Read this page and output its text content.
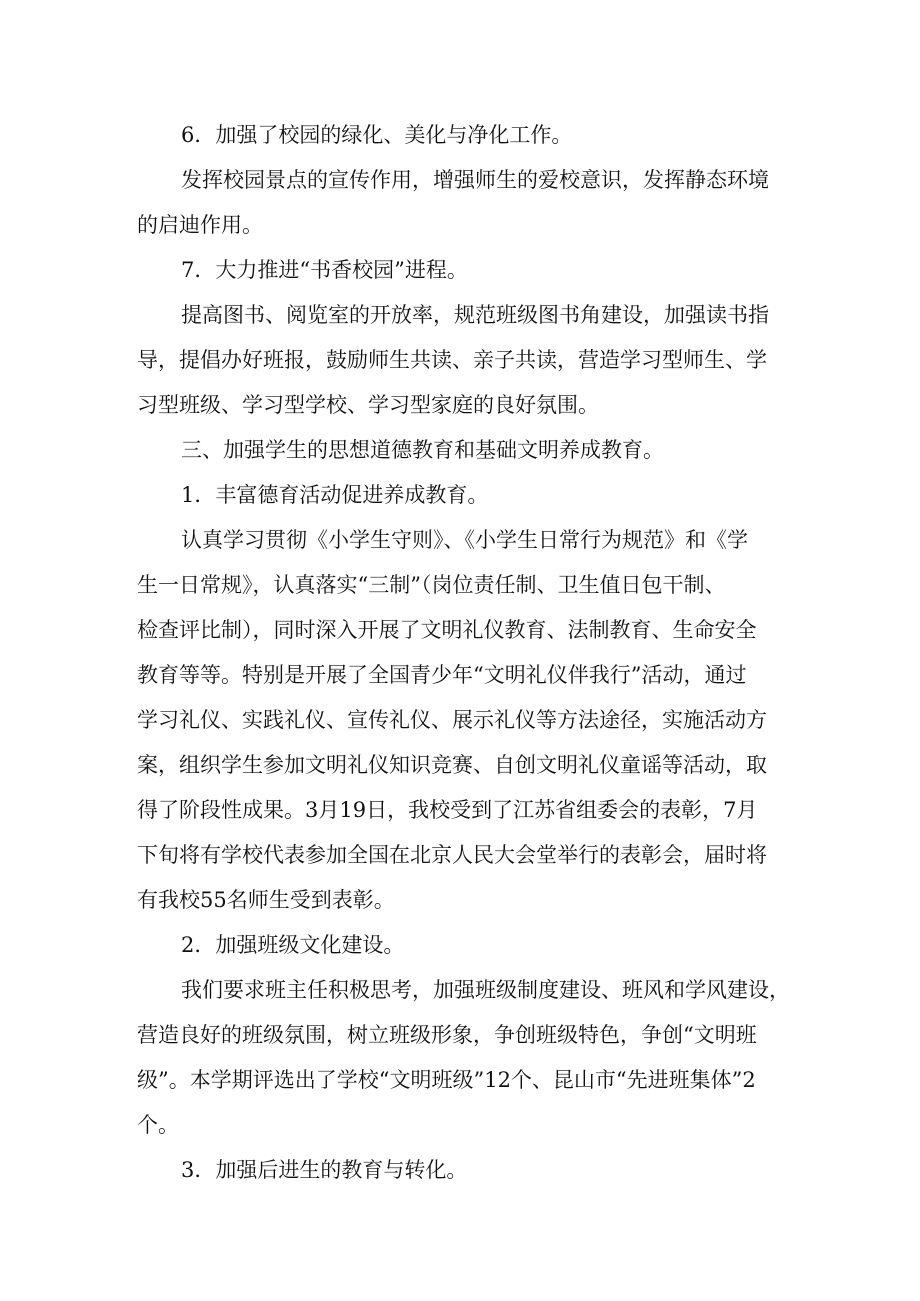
6．加强了校园的绿化、美化与净化工作。
发挥校园景点的宣传作用，增强师生的爱校意识，发挥静态环境
的启迪作用。
7．大力推进“书香校园”进程。
提高图书、阅览室的开放率，规范班级图书角建设，加强读书指
导，提倡办好班报，鼓励师生共读、亲子共读，营造学习型师生、学
习型班级、学习型学校、学习型家庭的良好氛围。
三、加强学生的思想道德教育和基础文明养成教育。
1．丰富德育活动促进养成教育。
认真学习贯彻《小学生守则》、《小学生日常行为规范》和《学
生一日常规》，认真落实“三制”（岗位责任制、卫生值日包干制、
检查评比制），同时深入开展了文明礼仪教育、法制教育、生命安全
教育等等。特别是开展了全国青少年“文明礼仪伴我行”活动，通过
学习礼仪、实践礼仪、宣传礼仪、展示礼仪等方法途径，实施活动方
案，组织学生参加文明礼仪知识竞赛、自创文明礼仪童谣等活动，取
得了阶段性成果。3月19日，我校受到了江苏省组委会的表彰，7月
下旬将有学校代表参加全国在北京人民大会堂举行的表彰会，届时将
有我校55名师生受到表彰。
2．加强班级文化建设。
我们要求班主任积极思考，加强班级制度建设、班风和学风建设，
营造良好的班级氛围，树立班级形象，争创班级特色，争创“文明班
级”。本学期评选出了学校“文明班级”12个、昆山市“先进班集体”2
个。
3．加强后进生的教育与转化。
